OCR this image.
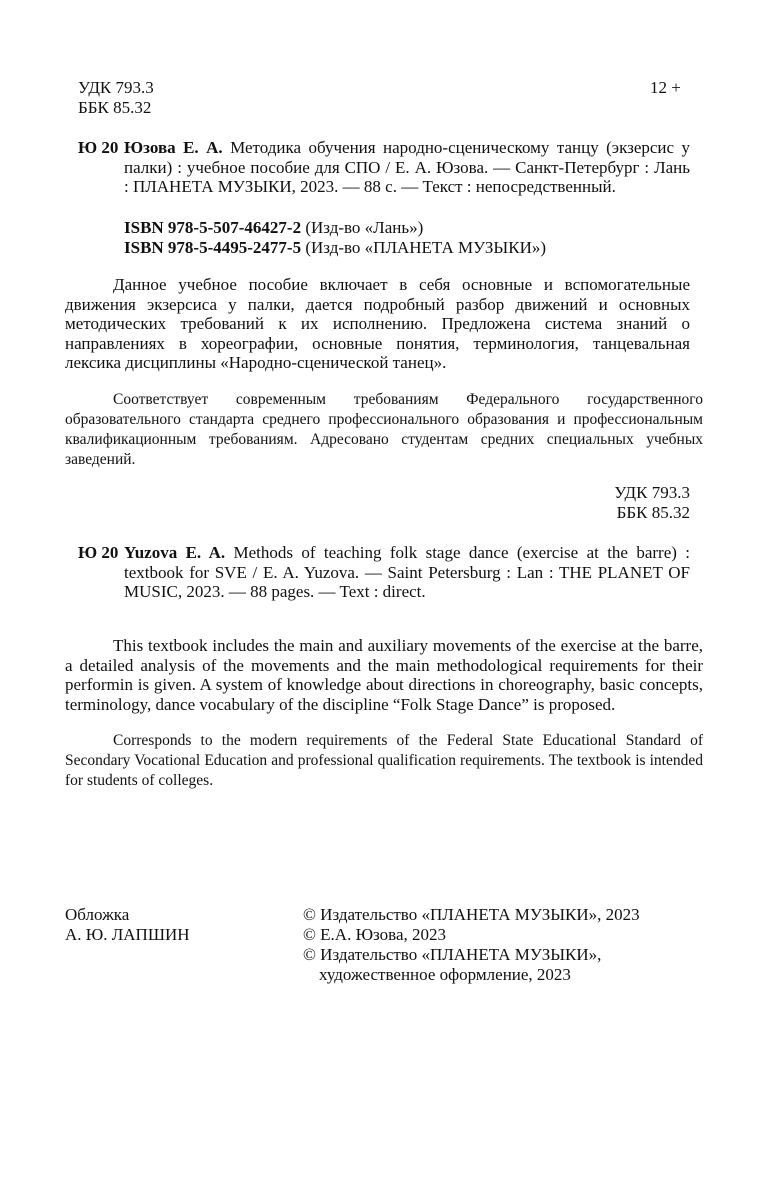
УДК 793.3
ББК 85.32
12 +
Ю 20 Юзова Е. А. Методика обучения народно-сценическому танцу (экзерсис у палки) : учебное пособие для СПО / Е. А. Юзова. — Санкт-Петербург : Лань : ПЛАНЕТА МУЗЫКИ, 2023. — 88 с. — Текст : непосредственный.
ISBN 978-5-507-46427-2 (Изд-во «Лань»)
ISBN 978-5-4495-2477-5 (Изд-во «ПЛАНЕТА МУЗЫКИ»)
Данное учебное пособие включает в себя основные и вспомогательные движения экзерсиса у палки, дается подробный разбор движений и основных методических требований к их исполнению. Предложена система знаний о направлениях в хореографии, основные понятия, терминология, танцевальная лексика дисциплины «Народно-сценической танец».
Соответствует современным требованиям Федерального государственного образовательного стандарта среднего профессионального образования и профессиональным квалификационным требованиям. Адресовано студентам средних специальных учебных заведений.
УДК 793.3
ББК 85.32
Ю 20 Yuzova E. A. Methods of teaching folk stage dance (exercise at the barre) : textbook for SVE / E. A. Yuzova. — Saint Petersburg : Lan : THE PLANET OF MUSIC, 2023. — 88 pages. — Text : direct.
This textbook includes the main and auxiliary movements of the exercise at the barre, a detailed analysis of the movements and the main methodological requirements for their performin is given. A system of knowledge about directions in choreography, basic concepts, terminology, dance vocabulary of the discipline “Folk Stage Dance” is proposed.
Corresponds to the modern requirements of the Federal State Educational Standard of Secondary Vocational Education and professional qualification requirements. The textbook is intended for students of colleges.
Обложка
А. Ю. ЛАПШИН
© Издательство «ПЛАНЕТА МУЗЫКИ», 2023
© Е.А. Юзова, 2023
© Издательство «ПЛАНЕТА МУЗЫКИ»,
художественное оформление, 2023
